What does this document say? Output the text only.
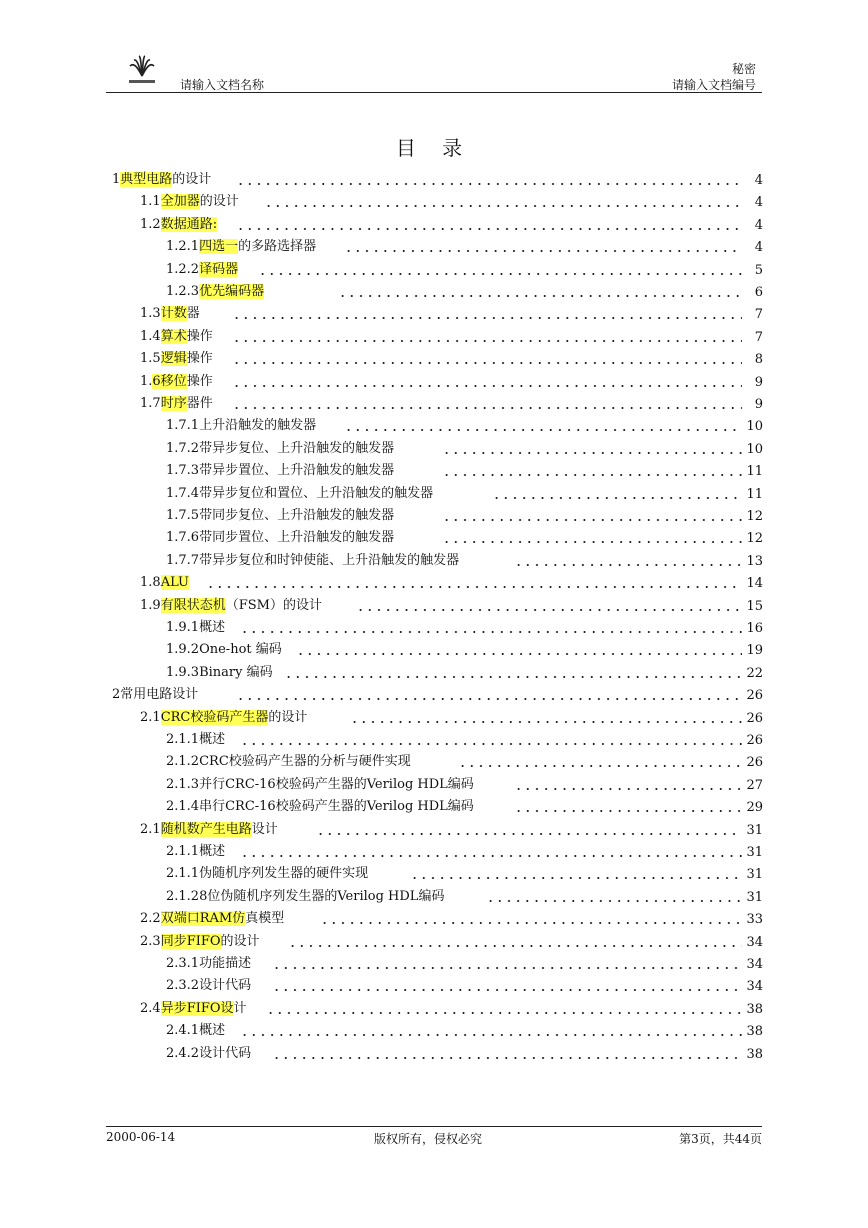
请输入文档名称
秘密
请输入文档编号
目 录
1典型电路的设计	4
1.1全加器的设计	4
1.2数据通路:	4
1.2.1四选一的多路选择器	4
1.2.2译码器	5
1.2.3优先编码器	6
1.3计数器	7
1.4算术操作	7
1.5逻辑操作	8
1.6移位操作	9
1.7时序器件	9
1.7.1上升沿触发的触发器	10
1.7.2带异步复位、上升沿触发的触发器	10
1.7.3带异步置位、上升沿触发的触发器	11
1.7.4带异步复位和置位、上升沿触发的触发器	11
1.7.5带同步复位、上升沿触发的触发器	12
1.7.6带同步置位、上升沿触发的触发器	12
1.7.7带异步复位和时钟使能、上升沿触发的触发器	13
1.8ALU	14
1.9有限状态机（FSM）的设计	15
1.9.1概述	16
1.9.2One-hot 编码	19
1.9.3Binary 编码	22
2常用电路设计	26
2.1CRC校验码产生器的设计	26
2.1.1概述	26
2.1.2CRC校验码产生器的分析与硬件实现	26
2.1.3并行CRC-16校验码产生器的Verilog HDL编码	27
2.1.4串行CRC-16校验码产生器的Verilog HDL编码	29
2.1随机数产生电路设计	31
2.1.1概述	31
2.1.1伪随机序列发生器的硬件实现	31
2.1.28位伪随机序列发生器的Verilog HDL编码	31
2.2双端口RAM仿真模型	33
2.3同步FIFO的设计	34
2.3.1功能描述	34
2.3.2设计代码	34
2.4异步FIFO设计	38
2.4.1概述	38
2.4.2设计代码	38
2000-06-14	版权所有，侵权必究	第3页，共44页
